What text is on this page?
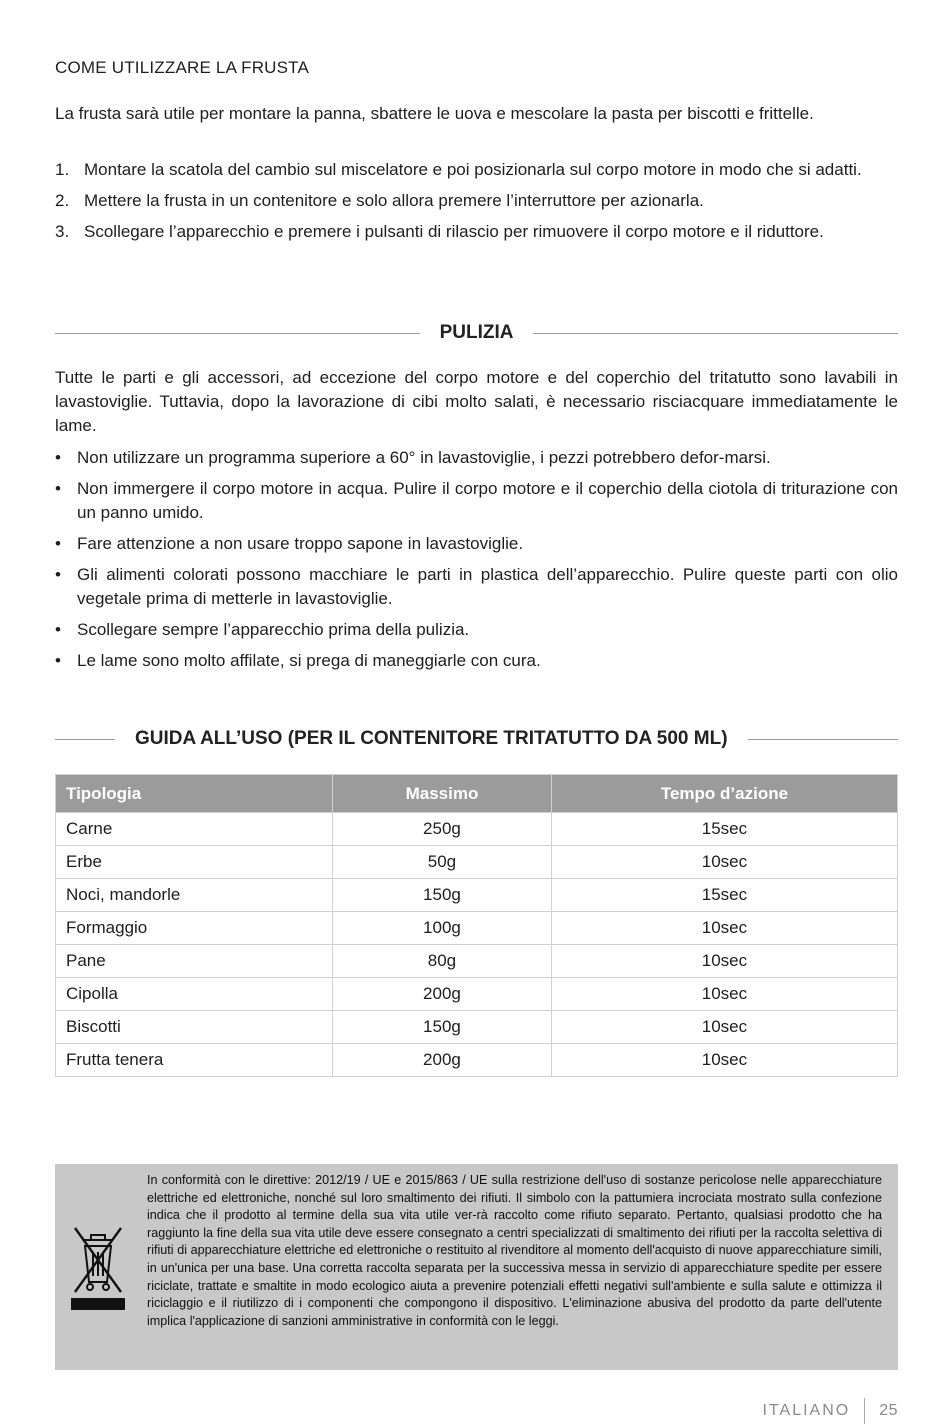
COME UTILIZZARE LA FRUSTA

La frusta sarà utile per montare la panna, sbattere le uova e mescolare la pasta per biscotti e frittelle.

1. Montare la scatola del cambio sul miscelatore e poi posizionarla sul corpo motore in modo che si adatti.
2. Mettere la frusta in un contenitore e solo allora premere l’interruttore per azionarla.
3. Scollegare l’apparecchio e premere i pulsanti di rilascio per rimuovere il corpo motore e il riduttore.
PULIZIA

Tutte le parti e gli accessori, ad eccezione del corpo motore e del coperchio del tritatutto sono lavabili in lavastoviglie. Tuttavia, dopo la lavorazione di cibi molto salati, è necessario risciacquare immediatamente le lame.

• Non utilizzare un programma superiore a 60° in lavastoviglie, i pezzi potrebbero defor-marsi.
• Non immergere il corpo motore in acqua. Pulire il corpo motore e il coperchio della ciotola di triturazione con un panno umido.
• Fare attenzione a non usare troppo sapone in lavastoviglie.
• Gli alimenti colorati possono macchiare le parti in plastica dell’apparecchio. Pulire queste parti con olio vegetale prima di metterle in lavastoviglie.
• Scollegare sempre l’apparecchio prima della pulizia.
• Le lame sono molto affilate, si prega di maneggiarle con cura.
GUIDA ALL’USO (PER IL CONTENITORE TRITATUTTO DA 500 ML)
Tipologia	Massimo	Tempo d’azione
Carne	250g	15sec
Erbe	50g	10sec
Noci, mandorle	150g	15sec
Formaggio	100g	10sec
Pane	80g	10sec
Cipolla	200g	10sec
Biscotti	150g	10sec
Frutta tenera	200g	10sec
In conformità con le direttive: 2012/19 / UE e 2015/863 / UE sulla restrizione dell'uso di sostanze pericolose nelle apparecchiature elettriche ed elettroniche, nonché sul loro smaltimento dei rifiuti. Il simbolo con la pattumiera incrociata mostrato sulla confezione indica che il prodotto al termine della sua vita utile ver-rà raccolto come rifiuto separato. Pertanto, qualsiasi prodotto che ha raggiunto la fine della sua vita utile deve essere consegnato a centri specializzati di smaltimento dei rifiuti per la raccolta selettiva di rifiuti di apparecchiature elettriche ed elettroniche o restituito al rivenditore al momento dell'acquisto di nuove apparecchiature simili, in un'unica per una base. Una corretta raccolta separata per la successiva messa in servizio di apparecchiature spedite per essere riciclate, trattate e smaltite in modo ecologico aiuta a prevenire potenziali effetti negativi sull'ambiente e sulla salute e ottimizza il riciclaggio e il riutilizzo di i componenti che compongono il dispositivo. L'eliminazione abusiva del prodotto da parte dell'utente implica l'applicazione di sanzioni amministrative in conformità con le leggi.
ITALIANO 25
